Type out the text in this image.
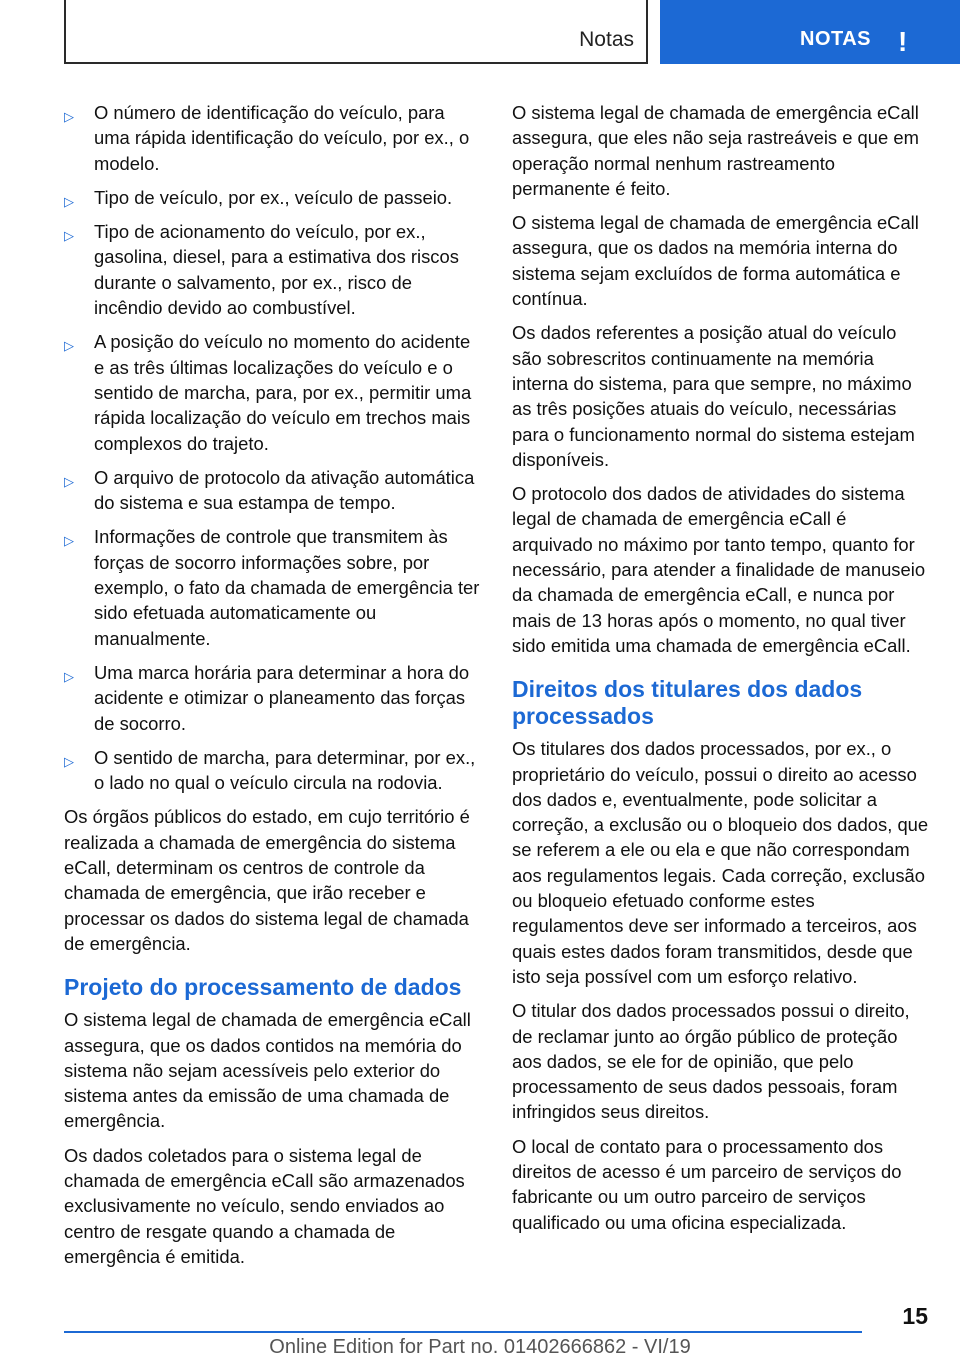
Notas	NOTAS !
▷ O número de identificação do veículo, para uma rápida identificação do veículo, por ex., o modelo.
▷ Tipo de veículo, por ex., veículo de passeio.
▷ Tipo de acionamento do veículo, por ex., gasolina, diesel, para a estimativa dos riscos durante o salvamento, por ex., risco de incêndio devido ao combustível.
▷ A posição do veículo no momento do acidente e as três últimas localizações do veículo e o sentido de marcha, para, por ex., permitir uma rápida localização do veículo em trechos mais complexos do trajeto.
▷ O arquivo de protocolo da ativação automática do sistema e sua estampa de tempo.
▷ Informações de controle que transmitem às forças de socorro informações sobre, por exemplo, o fato da chamada de emergência ter sido efetuada automaticamente ou manualmente.
▷ Uma marca horária para determinar a hora do acidente e otimizar o planeamento das forças de socorro.
▷ O sentido de marcha, para determinar, por ex., o lado no qual o veículo circula na rodovia.

Os órgãos públicos do estado, em cujo território é realizada a chamada de emergência do sistema eCall, determinam os centros de controle da chamada de emergência, que irão receber e processar os dados do sistema legal de chamada de emergência.

Projeto do processamento de dados

O sistema legal de chamada de emergência eCall assegura, que os dados contidos na memória do sistema não sejam acessíveis pelo exterior do sistema antes da emissão de uma chamada de emergência.

Os dados coletados para o sistema legal de chamada de emergência eCall são armazenados exclusivamente no veículo, sendo enviados ao centro de resgate quando a chamada de emergência é emitida.

O sistema legal de chamada de emergência eCall assegura, que eles não seja rastreáveis e que em operação normal nenhum rastreamento permanente é feito.

O sistema legal de chamada de emergência eCall assegura, que os dados na memória interna do sistema sejam excluídos de forma automática e contínua.

Os dados referentes a posição atual do veículo são sobrescritos continuamente na memória interna do sistema, para que sempre, no máximo as três posições atuais do veículo, necessárias para o funcionamento normal do sistema estejam disponíveis.

O protocolo dos dados de atividades do sistema legal de chamada de emergência eCall é arquivado no máximo por tanto tempo, quanto for necessário, para atender a finalidade de manuseio da chamada de emergência eCall, e nunca por mais de 13 horas após o momento, no qual tiver sido emitida uma chamada de emergência eCall.

Direitos dos titulares dos dados processados

Os titulares dos dados processados, por ex., o proprietário do veículo, possui o direito ao acesso dos dados e, eventualmente, pode solicitar a correção, a exclusão ou o bloqueio dos dados, que se referem a ele ou ela e que não correspondam aos regulamentos legais. Cada correção, exclusão ou bloqueio efetuado conforme estes regulamentos deve ser informado a terceiros, aos quais estes dados foram transmitidos, desde que isto seja possível com um esforço relativo.

O titular dos dados processados possui o direito, de reclamar junto ao órgão público de proteção aos dados, se ele for de opinião, que pelo processamento de seus dados pessoais, foram infringidos seus direitos.

O local de contato para o processamento dos direitos de acesso é um parceiro de serviços do fabricante ou um outro parceiro de serviços qualificado ou uma oficina especializada.

15
Online Edition for Part no. 01402666862 - VI/19
